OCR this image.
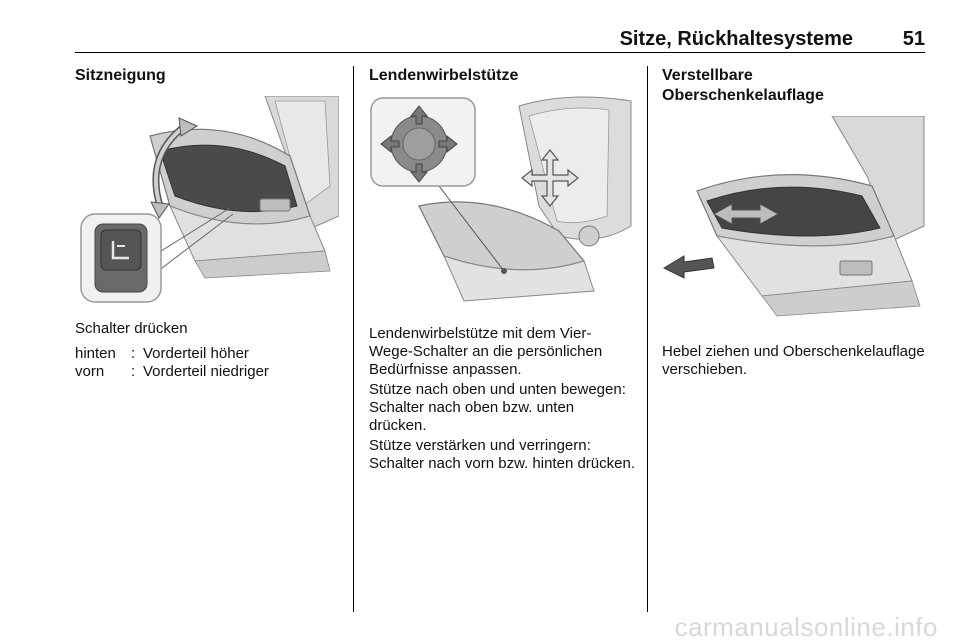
Sitze, Rückhaltesysteme 51
Sitzneigung

Schalter drücken

hinten	: Vorderteil höher
vorn	: Vorderteil niedriger
Lendenwirbelstütze

Lendenwirbelstütze mit dem Vier-Wege-Schalter an die persönlichen Bedürfnisse anpassen.

Stütze nach oben und unten bewegen: Schalter nach oben bzw. unten drücken.

Stütze verstärken und verringern: Schalter nach vorn bzw. hinten drücken.

Verstellbare
Oberschenkelauflage

Hebel ziehen und Oberschenkelauflage verschieben.

carmanualsonline.info
